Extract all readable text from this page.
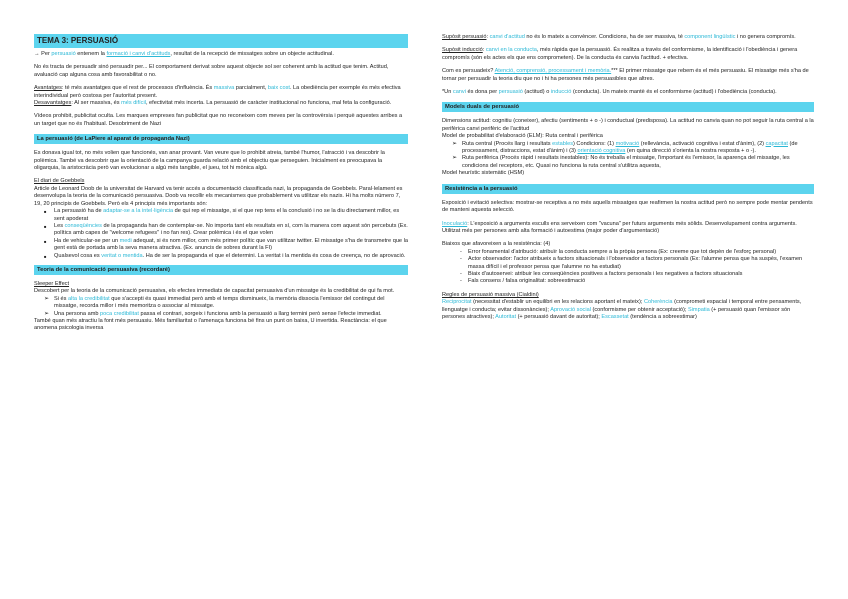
TEMA 3: PERSUASIÓ

→ Per persuasió entenem la formació i canvi d'actituds, resultat de la recepció de missatges sobre un objecte actitudinal.

No és tracta de persuadir sinó persuadir per... El comportament derivat sobre aquest objecte sol ser coherent amb la actitud que tenim. Actitud, avaluació cap alguna cosa amb favorabilitat o no.

Avantatges: té més avantatges que el rest de processos d'influència. És massiva parcialment, baix cost. La obediència per exemple és més efectiva interindividual però costosa per l'autoritat present.

Desavantatges: Al ser massiva, és més difícil, efectivitat més incerta. La persuasió de caràcter institucional no funciona, mal feta la configuració.

Vídeos prohibit, publicitat oculta. Les marques empreses fan publicitat que no reconeixen com meves per la controvèrsia i perquè aquestes arribes a un target que no és l'habitual. Desobriment de Nazi

La persuasió (de LaPiere al aparat de propaganda Nazi)

Es donava igual tot, no més volien que funcionés, van anar provant. Van veure que lo prohibit atreia, també l'humor, l'atracció i va descobrir la polèmica. També va descobrir que la orientació de la campanya guarda relació amb el objectiu que perseguien. Inicialment es preocupava la oligarquia, la aristocràcia però van evolucionar a algú més tangible, el jueu, tot hi mònica algú.

El diari de Goebbels
Article de Leonard Doob de la universitat de Harvard va tenir accés a documentació classificada nazi, la propaganda de Goebbels. Paral·lelament es desenvolupa la teoria de la comunicació persuasiva. Doob va recollir els mecanismes que probablement va utilitzar els nazis. Hi ha molts número 7, 19, 20 principis de Goebbels. Però els 4 principis més importants són:
■ La persuasió ha de adaptar-se a la intel·ligència de qui rep el missatge, si el que rep tens el la conclusió i no se la diu directament millor, es sent apoderat
■ Les conseqüències de la propaganda han de contemplar-se. No importa tant els resultats en sí, com la manera com aquest són percebuts (Ex. polítics amb capes de "welcome refugees" i no fan res). Crear polèmica i és el que volen
■ Ha de vehicular-se per un medi adequat, si és nom millor, com més primer polític que van utilitzar twitter. El missatge s'ha de transmetre que la gent està de portada amb la seva manera atractiva. (Ex. anuncis de sobres durant la FI)
■ Qualsevol cosa es veritat o mentida. Ha de ser la propaganda el que el determini. La veritat i la mentida és cosa de creença, no de aprovació.
Teoria de la comunicació persuasiva (recordaré)
Sleeper Effect
Descobert per la teoria de la comunicació persuasiva, els efectes immediats de capacitat persuasiva d'un missatge és la credibilitat de qui fa mot.
➢ Si és alta la credibilitat que s'accepti és quasi immediat però amb el temps disminueix, la memòria dissocia l'emissor del contingut del missatge, recorda millor i més memoritza o associar al missatge.
➢ Una persona amb poca credibilitat passa el contrari, sorgeix i funciona amb la persuasió a llarg termini però sense l'efecte immediat.
També quan més atractiu la font més persuasiu. Més familiaritat o l'amenaça funciona bé fins un punt on baixa, U invertida. Reactància: el que anomena psicologia inversa

Supòsit persuasió: canvi d'actitud no és lo mateix a convèncer. Condicions, ha de ser massiva, té component lingüístic i no genera compromís.

Supòsit inducció: canvi en la conducta, més ràpida que la persuasió. És realitza a través del conformisme, la identificació i l'obediència i genera compromís (són els actes els que ens comprometen). De la conducta és canvia l'actitud. + efectiva.

Com es persuadeix? Atenció, comprensió, processament i memòria.*** El primer missatge que rebem és el més persuasiu. El missatge més s'ha de tornar per persuadir la teoria diu que no i hi ha persones més persuasibles que altres.

*Un canvi és dona per persuasió (actitud) o inducció (conducta). Un mateix mantè és el conformisme (actitud) i l'obediència (conducta).

Models duals de persuasió
Dimensions actitud: cognitiu (coneixer), afectiu (sentiments + o -) i conductual (predisposa). La actitud no canvia quan no pot seguir la ruta central a la perifèrica canvi perifèric de l'actitud
Model de probabilitat d'elaboració (ELM): Ruta central i perifèrica
➢ Ruta central (Procés llarg i resultats estables) Condicions: (1) motivació (rellevància, activació cognitiva i estat d'ànim), (2) capacitat (de processament, distraccions, estat d'ànim) i (3) orientació cognitiva (en quina direcció s'orienta la nostra resposta + o -).
➢ Ruta perifèrica (Procés ràpid i resultats inestables): No és treballa el missatge, l'important és l'emissor, la aparença del missatge, les condicions del receptors, etc. Quasi no funciona la ruta central s'utilitza aquesta,
Model heurístic sistemàtic (HSM)
Resistència a la persuasió

Exposició i evitació selectiva: mostrar-se receptiva a no més aquells missatges que reafirmen la nostra actitud però no sempre pode mentar pendents de manteni aquesta selecció.

Inoculació: L'exposició a arguments esculls ens serveixen com "vacuna" per futurs arguments més sòlids. Desenvolupament contra arguments. Utilitzat més per persones amb alta formació i autoestima (major poder d'argumentació)

Biaixos que afavoreixen a la resistència: (4)
- Error fonamental d'atribució: atribuïr la conducta sempre a la pròpia persona (Ex: creeme que tot depèn de l'esforç personal)
- Actor observador: l'actor atribueix a factors situacionals i l'observador a factors personals (Ex: l'alumne pensa que ha suspès, l'examen massa difícil i el professor pensa que l'alumne no ha estudiat)
- Biaix d'autoservei: atribuir les conseqüències positives a factors personals i les negatives a factors situacionals
- Fals consens / falsa originalitat: sobreestimació
Regles de persuasió massiva (Cialdini)
Reciprocitat (necessitat d'establir un equilibri en les relacions aportant el mateix); Coherència (comprometi espacial i temporal entre pensaments, llenguatge i conducta; evitar dissonàncies); Aprovació social (conformisme per obtenir acceptació); Simpatia (+ persuasió quan l'emissor són persones atractives); Autoritat (+ persuasió davant de autoritat); Escassetat (tendència a sobreestimar)
